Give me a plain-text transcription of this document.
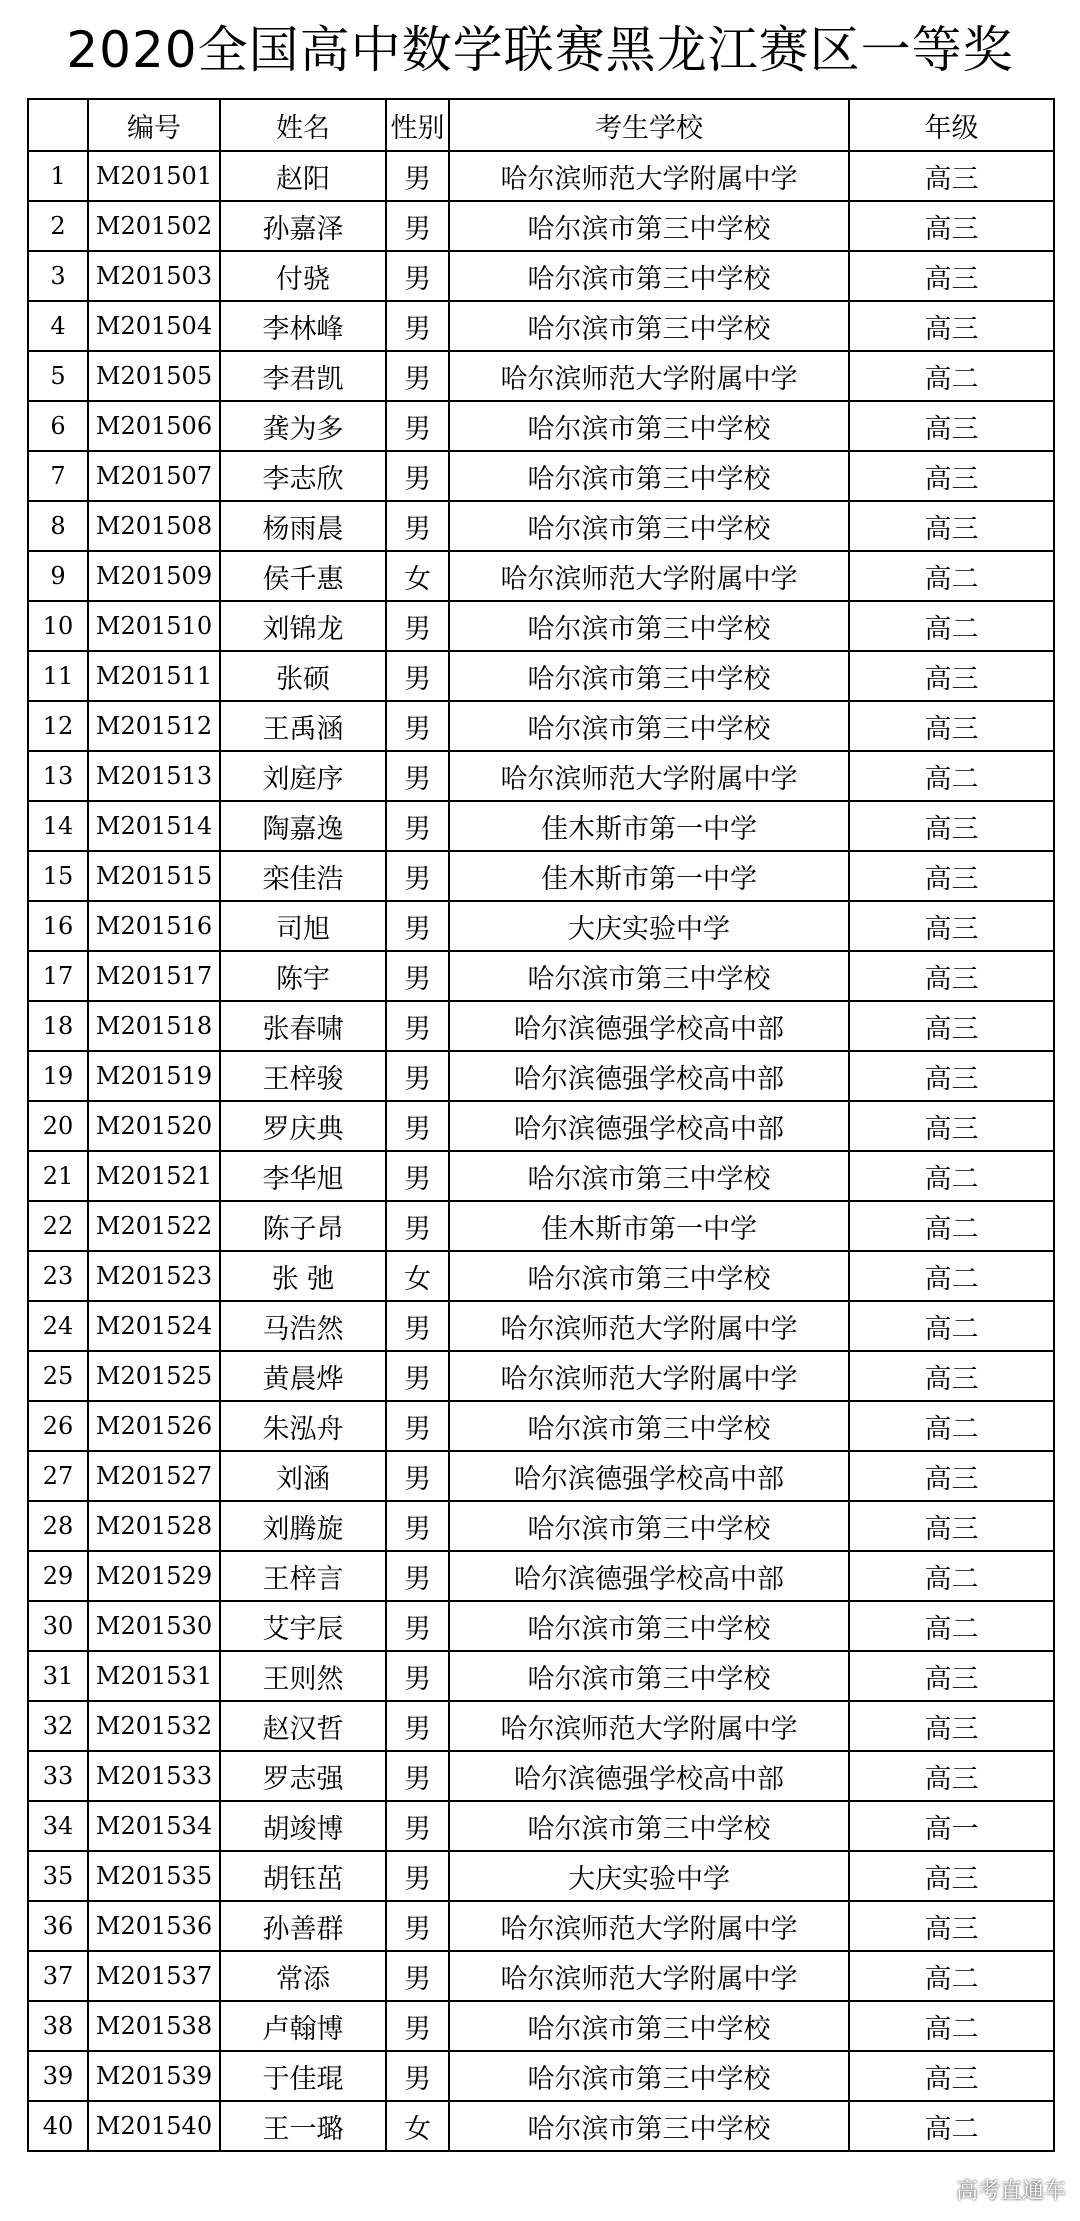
2020全国高中数学联赛黑龙江赛区一等奖
	编号	姓名	性别	考生学校	年级
1	M201501	赵阳	男	哈尔滨师范大学附属中学	高三
2	M201502	孙嘉泽	男	哈尔滨市第三中学校	高三
3	M201503	付骁	男	哈尔滨市第三中学校	高三
4	M201504	李林峰	男	哈尔滨市第三中学校	高三
5	M201505	李君凯	男	哈尔滨师范大学附属中学	高二
6	M201506	龚为多	男	哈尔滨市第三中学校	高三
7	M201507	李志欣	男	哈尔滨市第三中学校	高三
8	M201508	杨雨晨	男	哈尔滨市第三中学校	高三
9	M201509	侯千惠	女	哈尔滨师范大学附属中学	高二
10	M201510	刘锦龙	男	哈尔滨市第三中学校	高二
11	M201511	张硕	男	哈尔滨市第三中学校	高三
12	M201512	王禹涵	男	哈尔滨市第三中学校	高三
13	M201513	刘庭序	男	哈尔滨师范大学附属中学	高二
14	M201514	陶嘉逸	男	佳木斯市第一中学	高三
15	M201515	栾佳浩	男	佳木斯市第一中学	高三
16	M201516	司旭	男	大庆实验中学	高三
17	M201517	陈宇	男	哈尔滨市第三中学校	高三
18	M201518	张春啸	男	哈尔滨德强学校高中部	高三
19	M201519	王梓骏	男	哈尔滨德强学校高中部	高三
20	M201520	罗庆典	男	哈尔滨德强学校高中部	高三
21	M201521	李华旭	男	哈尔滨市第三中学校	高二
22	M201522	陈子昂	男	佳木斯市第一中学	高二
23	M201523	张 弛	女	哈尔滨市第三中学校	高二
24	M201524	马浩然	男	哈尔滨师范大学附属中学	高二
25	M201525	黄晨烨	男	哈尔滨师范大学附属中学	高三
26	M201526	朱泓舟	男	哈尔滨市第三中学校	高二
27	M201527	刘涵	男	哈尔滨德强学校高中部	高三
28	M201528	刘腾旋	男	哈尔滨市第三中学校	高三
29	M201529	王梓言	男	哈尔滨德强学校高中部	高二
30	M201530	艾宇辰	男	哈尔滨市第三中学校	高二
31	M201531	王则然	男	哈尔滨市第三中学校	高三
32	M201532	赵汉哲	男	哈尔滨师范大学附属中学	高三
33	M201533	罗志强	男	哈尔滨德强学校高中部	高三
34	M201534	胡竣博	男	哈尔滨市第三中学校	高一
35	M201535	胡钰茁	男	大庆实验中学	高三
36	M201536	孙善群	男	哈尔滨师范大学附属中学	高三
37	M201537	常添	男	哈尔滨师范大学附属中学	高二
38	M201538	卢翰博	男	哈尔滨市第三中学校	高二
39	M201539	于佳琨	男	哈尔滨市第三中学校	高三
40	M201540	王一璐	女	哈尔滨市第三中学校	高二
高考直通车
